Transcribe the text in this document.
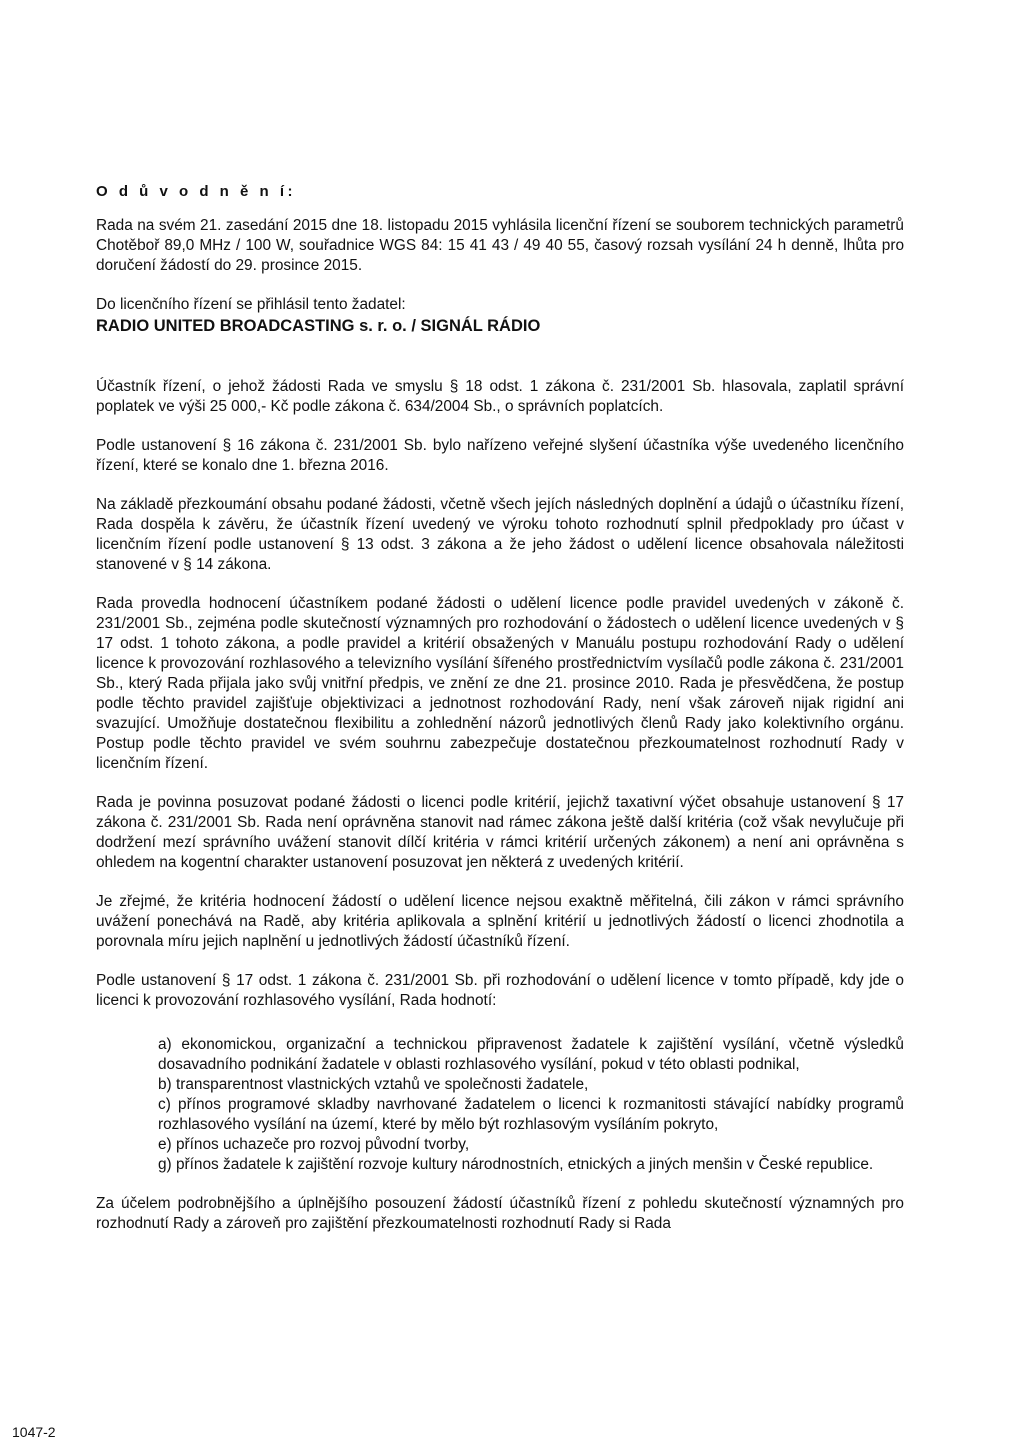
O d ů v o d n ě n í:

Rada na svém 21. zasedání 2015 dne 18. listopadu 2015 vyhlásila licenční řízení se souborem technických parametrů Chotěboř 89,0 MHz / 100 W, souřadnice WGS 84: 15 41 43 / 49 40 55, časový rozsah vysílání 24 h denně, lhůta pro doručení žádostí do 29. prosince 2015.

Do licenčního řízení se přihlásil tento žadatel:

RADIO UNITED BROADCASTING s. r. o. / SIGNÁL RÁDIO

Účastník řízení, o jehož žádosti Rada ve smyslu § 18 odst. 1 zákona č. 231/2001 Sb. hlasovala, zaplatil správní poplatek ve výši 25 000,- Kč podle zákona č. 634/2004 Sb., o správních poplatcích.

Podle ustanovení § 16 zákona č. 231/2001 Sb. bylo nařízeno veřejné slyšení účastníka výše uvedeného licenčního řízení, které se konalo dne 1. března 2016.

Na základě přezkoumání obsahu podané žádosti, včetně všech jejích následných doplnění a údajů o účastníku řízení, Rada dospěla k závěru, že účastník řízení uvedený ve výroku tohoto rozhodnutí splnil předpoklady pro účast v licenčním řízení podle ustanovení § 13 odst. 3 zákona a že jeho žádost o udělení licence obsahovala náležitosti stanovené v § 14 zákona.

Rada provedla hodnocení účastníkem podané žádosti o udělení licence podle pravidel uvedených v zákoně č. 231/2001 Sb., zejména podle skutečností významných pro rozhodování o žádostech o udělení licence uvedených v § 17 odst. 1 tohoto zákona, a podle pravidel a kritérií obsažených v Manuálu postupu rozhodování Rady o udělení licence k provozování rozhlasového a televizního vysílání šířeného prostřednictvím vysílačů podle zákona č. 231/2001 Sb., který Rada přijala jako svůj vnitřní předpis, ve znění ze dne 21. prosince 2010. Rada je přesvědčena, že postup podle těchto pravidel zajišťuje objektivizaci a jednotnost rozhodování Rady, není však zároveň nijak rigidní ani svazující. Umožňuje dostatečnou flexibilitu a zohlednění názorů jednotlivých členů Rady jako kolektivního orgánu. Postup podle těchto pravidel ve svém souhrnu zabezpečuje dostatečnou přezkoumatelnost rozhodnutí Rady v licenčním řízení.

Rada je povinna posuzovat podané žádosti o licenci podle kritérií, jejichž taxativní výčet obsahuje ustanovení § 17 zákona č. 231/2001 Sb. Rada není oprávněna stanovit nad rámec zákona ještě další kritéria (což však nevylučuje při dodržení mezí správního uvážení stanovit dílčí kritéria v rámci kritérií určených zákonem) a není ani oprávněna s ohledem na kogentní charakter ustanovení posuzovat jen některá z uvedených kritérií.

Je zřejmé, že kritéria hodnocení žádostí o udělení licence nejsou exaktně měřitelná, čili zákon v rámci správního uvážení ponechává na Radě, aby kritéria aplikovala a splnění kritérií u jednotlivých žádostí o licenci zhodnotila a porovnala míru jejich naplnění u jednotlivých žádostí účastníků řízení.

Podle ustanovení § 17 odst. 1 zákona č. 231/2001 Sb. při rozhodování o udělení licence v tomto případě, kdy jde o licenci k provozování rozhlasového vysílání, Rada hodnotí:

a) ekonomickou, organizační a technickou připravenost žadatele k zajištění vysílání, včetně výsledků dosavadního podnikání žadatele v oblasti rozhlasového vysílání, pokud v této oblasti podnikal,
b) transparentnost vlastnických vztahů ve společnosti žadatele,
c) přínos programové skladby navrhované žadatelem o licenci k rozmanitosti stávající nabídky programů rozhlasového vysílání na území, které by mělo být rozhlasovým vysíláním pokryto,
e) přínos uchazeče pro rozvoj původní tvorby,
g) přínos žadatele k zajištění rozvoje kultury národnostních, etnických a jiných menšin v České republice.

Za účelem podrobnějšího a úplnějšího posouzení žádostí účastníků řízení z pohledu skutečností významných pro rozhodnutí Rady a zároveň pro zajištění přezkoumatelnosti rozhodnutí Rady si Rada

1047-2
